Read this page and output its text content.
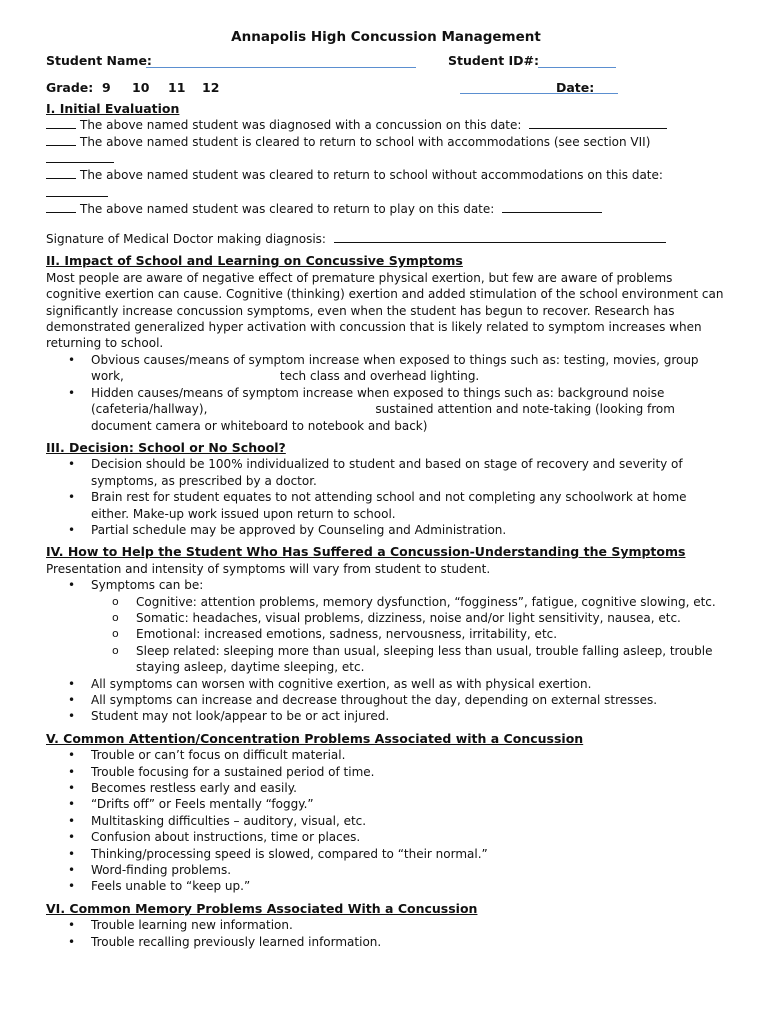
Annapolis High Concussion Management
Student Name:	Student ID#:
Grade: 9 10 11 12	Date:
I. Initial Evaluation
The above named student was diagnosed with a concussion on this date:
The above named student is cleared to return to school with accommodations (see section VII)
The above named student was cleared to return to school without accommodations on this date:
The above named student was cleared to return to play on this date:
Signature of Medical Doctor making diagnosis:
II. Impact of School and Learning on Concussive Symptoms
Most people are aware of negative effect of premature physical exertion, but few are aware of problems cognitive exertion can cause. Cognitive (thinking) exertion and added stimulation of the school environment can significantly increase concussion symptoms, even when the student has begun to recover. Research has demonstrated generalized hyper activation with concussion that is likely related to symptom increases when returning to school.
• Obvious causes/means of symptom increase when exposed to things such as: testing, movies, group work,	tech class and overhead lighting.
• Hidden causes/means of symptom increase when exposed to things such as: background noise (cafeteria/hallway),	sustained attention and note-taking (looking from document camera or whiteboard to notebook and back)
III. Decision: School or No School?
• Decision should be 100% individualized to student and based on stage of recovery and severity of symptoms, as prescribed by a doctor.
• Brain rest for student equates to not attending school and not completing any schoolwork at home either. Make-up work issued upon return to school.
• Partial schedule may be approved by Counseling and Administration.
IV. How to Help the Student Who Has Suffered a Concussion-Understanding the Symptoms
Presentation and intensity of symptoms will vary from student to student.
• Symptoms can be:
o Cognitive: attention problems, memory dysfunction, “fogginess”, fatigue, cognitive slowing, etc.
o Somatic: headaches, visual problems, dizziness, noise and/or light sensitivity, nausea, etc.
o Emotional: increased emotions, sadness, nervousness, irritability, etc.
o Sleep related: sleeping more than usual, sleeping less than usual, trouble falling asleep, trouble staying asleep, daytime sleeping, etc.
• All symptoms can worsen with cognitive exertion, as well as with physical exertion.
• All symptoms can increase and decrease throughout the day, depending on external stresses.
• Student may not look/appear to be or act injured.
V. Common Attention/Concentration Problems Associated with a Concussion
• Trouble or can’t focus on difficult material.
• Trouble focusing for a sustained period of time.
• Becomes restless early and easily.
• “Drifts off” or Feels mentally “foggy.”
• Multitasking difficulties – auditory, visual, etc.
• Confusion about instructions, time or places.
• Thinking/processing speed is slowed, compared to “their normal.”
• Word-finding problems.
• Feels unable to “keep up.”
VI. Common Memory Problems Associated With a Concussion
• Trouble learning new information.
• Trouble recalling previously learned information.
